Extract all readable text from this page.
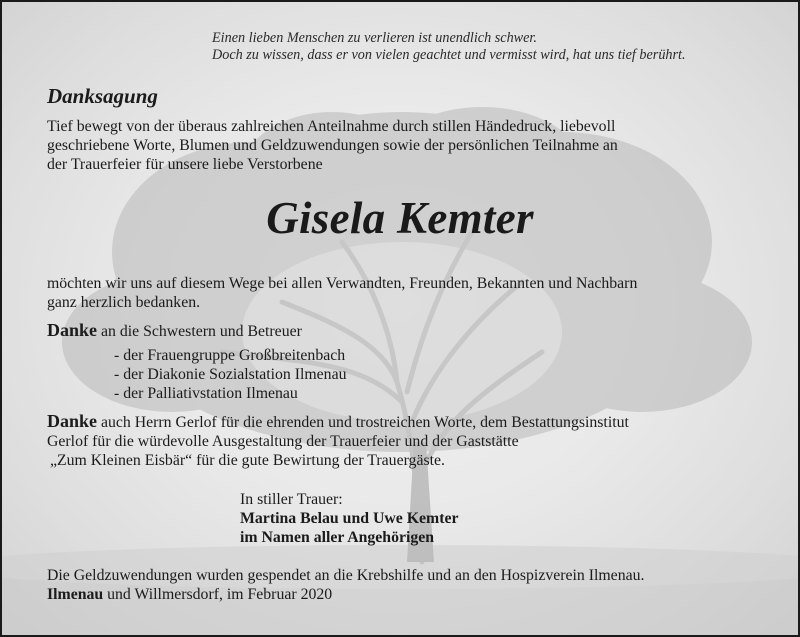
Einen lieben Menschen zu verlieren ist unendlich schwer.
Doch zu wissen, dass er von vielen geachtet und vermisst wird, hat uns tief berührt.
Danksagung
Tief bewegt von der überaus zahlreichen Anteilnahme durch stillen Händedruck, liebevoll
geschriebene Worte, Blumen und Geldzuwendungen sowie der persönlichen Teilnahme an
der Trauerfeier für unsere liebe Verstorbene
Gisela Kemter
möchten wir uns auf diesem Wege bei allen Verwandten, Freunden, Bekannten und Nachbarn
ganz herzlich bedanken.
Danke an die Schwestern und Betreuer
- der Frauengruppe Großbreitenbach
- der Diakonie Sozialstation Ilmenau
- der Palliativstation Ilmenau
Danke auch Herrn Gerlof für die ehrenden und trostreichen Worte, dem Bestattungsinstitut
Gerlof für die würdevolle Ausgestaltung der Trauerfeier und der Gaststätte
„Zum Kleinen Eisbär“ für die gute Bewirtung der Trauergäste.
In stiller Trauer:
Martina Belau und Uwe Kemter
im Namen aller Angehörigen
Die Geldzuwendungen wurden gespendet an die Krebshilfe und an den Hospizverein Ilmenau.
Ilmenau und Willmersdorf, im Februar 2020
